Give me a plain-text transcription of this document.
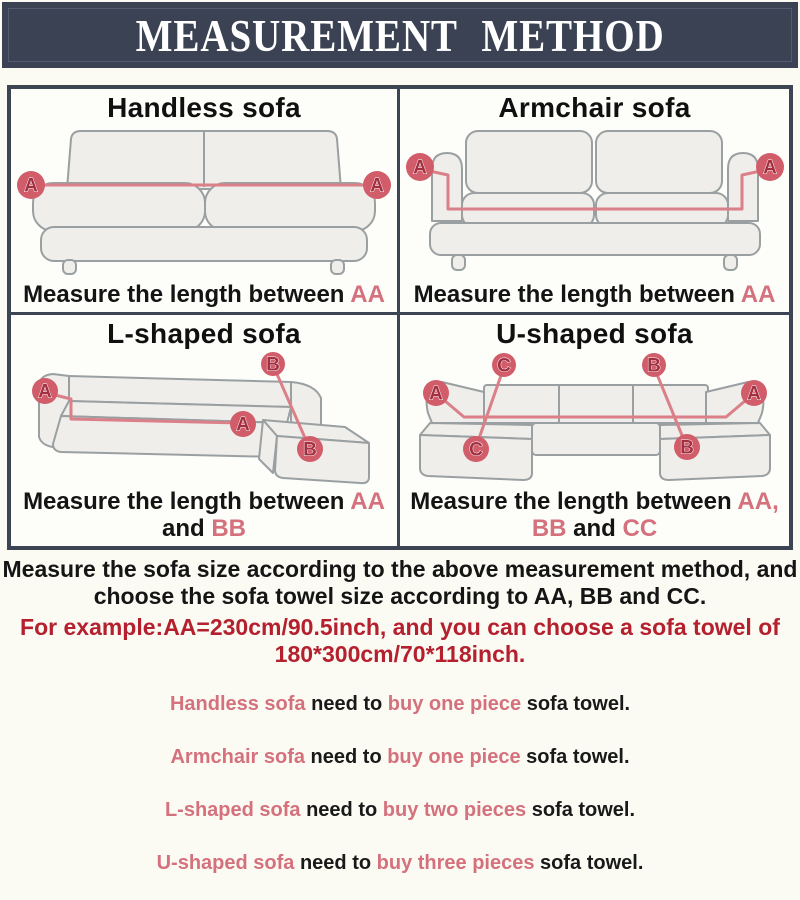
MEASUREMENT METHOD
Handless sofa
A	A

Measure the length between AA

Armchair sofa
A	A

Measure the length between AA

L-shaped sofa
A
A
B
B

Measure the length between AA
and BB

U-shaped sofa
A
C	B
A
C	B

Measure the length between AA,
BB and CC

Measure the sofa size according to the above measurement method, and
choose the sofa towel size according to AA, BB and CC.

For example:AA=230cm/90.5inch, and you can choose a sofa towel of
180*300cm/70*118inch.

Handless sofa need to buy one piece sofa towel.

Armchair sofa need to buy one piece sofa towel.

L-shaped sofa need to buy two pieces sofa towel.

U-shaped sofa need to buy three pieces sofa towel.
